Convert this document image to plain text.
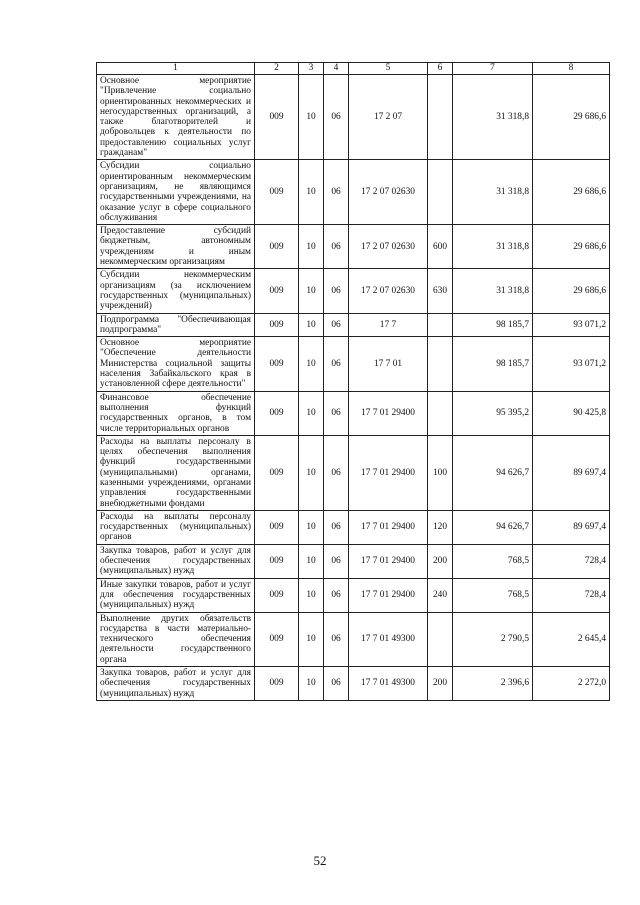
1	2	3	4	5	6	7	8
Основное мероприятие "Привлечение социально ориентированных некоммерческих и негосударственных организаций, а также благотворителей и добровольцев к деятельности по предоставлению социальных услуг гражданам"	009	10	06	17 2 07		31 318,8	29 686,6
Субсидии социально ориентированным некоммерческим организациям, не являющимся государственными учреждениями, на оказание услуг в сфере социального обслуживания	009	10	06	17 2 07 02630		31 318,8	29 686,6
Предоставление субсидий бюджетным, автономным учреждениям и иным некоммерческим организациям	009	10	06	17 2 07 02630	600	31 318,8	29 686,6
Субсидии некоммерческим организациям (за исключением государственных (муниципальных) учреждений)	009	10	06	17 2 07 02630	630	31 318,8	29 686,6
Подпрограмма "Обеспечивающая подпрограмма"	009	10	06	17 7		98 185,7	93 071,2
Основное мероприятие "Обеспечение деятельности Министерства социальной защиты населения Забайкальского края в установленной сфере деятельности"	009	10	06	17 7 01		98 185,7	93 071,2
Финансовое обеспечение выполнения функций государственных органов, в том числе территориальных органов	009	10	06	17 7 01 29400		95 395,2	90 425,8
Расходы на выплаты персоналу в целях обеспечения выполнения функций государственными (муниципальными) органами, казенными учреждениями, органами управления государственными внебюджетными фондами	009	10	06	17 7 01 29400	100	94 626,7	89 697,4
Расходы на выплаты персоналу государственных (муниципальных) органов	009	10	06	17 7 01 29400	120	94 626,7	89 697,4
Закупка товаров, работ и услуг для обеспечения государственных (муниципальных) нужд	009	10	06	17 7 01 29400	200	768,5	728,4
Иные закупки товаров, работ и услуг для обеспечения государственных (муниципальных) нужд	009	10	06	17 7 01 29400	240	768,5	728,4
Выполнение других обязательств государства в части материально-технического обеспечения деятельности государственного органа	009	10	06	17 7 01 49300		2 790,5	2 645,4
Закупка товаров, работ и услуг для обеспечения государственных (муниципальных) нужд	009	10	06	17 7 01 49300	200	2 396,6	2 272,0
52
